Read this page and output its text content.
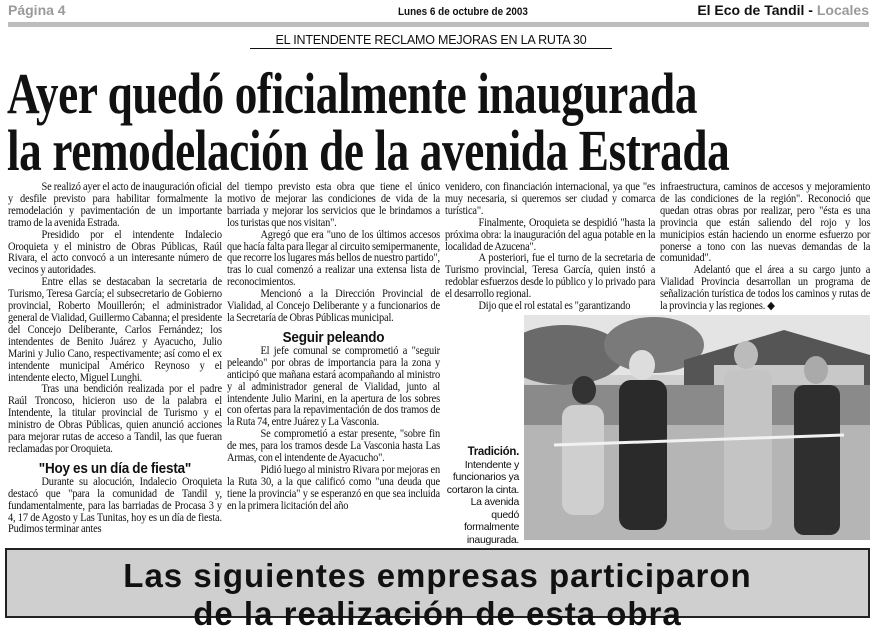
Página 4	Lunes 6 de octubre de 2003	El Eco de Tandil - Locales
EL INTENDENTE RECLAMO MEJORAS EN LA RUTA 30
Ayer quedó oficialmente inaugurada
la remodelación de la avenida Estrada

Se realizó ayer el acto de inauguración oficial y desfile previsto para habilitar formalmente la remodelación y pavimentación de un importante tramo de la avenida Estrada.

Presidido por el intendente Indalecio Oroquieta y el ministro de Obras Públicas, Raúl Rivara, el acto convocó a un interesante número de vecinos y autoridades.

Entre ellas se destacaban la secretaria de Turismo, Teresa García; el subsecretario de Gobierno provincial, Roberto Mouillerón; el administrador general de Vialidad, Guillermo Cabanna; el presidente del Concejo Deliberante, Carlos Fernández; los intendentes de Benito Juárez y Ayacucho, Julio Marini y Julio Cano, respectivamente; así como el ex intendente municipal Américo Reynoso y el intendente electo, Miguel Lunghi.

Tras una bendición realizada por el padre Raúl Troncoso, hicieron uso de la palabra el Intendente, la titular provincial de Turismo y el ministro de Obras Públicas, quien anunció acciones para mejorar rutas de acceso a Tandil, las que fueran reclamadas por Oroquieta.

"Hoy es un día de fiesta"

Durante su alocución, Indalecio Oroquieta destacó que "para la comunidad de Tandil y, fundamentalmente, para las barriadas de Procasa 3 y 4, 17 de Agosto y Las Tunitas, hoy es un día de fiesta. Pudimos terminar antes

del tiempo previsto esta obra que tiene el único motivo de mejorar las condiciones de vida de la barriada y mejorar los servicios que le brindamos a los turistas que nos visitan".

Agregó que era "uno de los últimos accesos que hacía falta para llegar al circuito semipermanente, que recorre los lugares más bellos de nuestro partido", tras lo cual comenzó a realizar una extensa lista de reconocimientos.

Mencionó a la Dirección Provincial de Vialidad, al Concejo Deliberante y a funcionarios de la Secretaría de Obras Públicas municipal.

Seguir peleando

El jefe comunal se comprometió a "seguir peleando" por obras de importancia para la zona y anticipó que mañana estará acompañando al ministro y al administrador general de Vialidad, junto al intendente Julio Marini, en la apertura de los sobres con ofertas para la repavimentación de dos tramos de la Ruta 74, entre Juárez y La Vasconia.

Se comprometió a estar presente, "sobre fin de mes, para los tramos desde La Vasconia hasta Las Armas, con el intendente de Ayacucho".

Pidió luego al ministro Rivara por mejoras en la Ruta 30, a la que calificó como "una deuda que tiene la provincia" y se esperanzó en que sea incluida en la primera licitación del año

venidero, con financiación internacional, ya que "es muy necesaria, si queremos ser ciudad y comarca turística".

Finalmente, Oroquieta se despidió "hasta la próxima obra: la inauguración del agua potable en la localidad de Azucena".

A posteriori, fue el turno de la secretaria de Turismo provincial, Teresa García, quien instó a redoblar esfuerzos desde lo público y lo privado para el desarrollo regional.

Dijo que el rol estatal es "garantizando

infraestructura, caminos de accesos y mejoramiento de las condiciones de la región". Reconoció que quedan otras obras por realizar, pero "ésta es una provincia que están saliendo del rojo y los municipios están haciendo un enorme esfuerzo por ponerse a tono con las nuevas demandas de la comunidad".

Adelantó que el área a su cargo junto a Vialidad Provincia desarrollan un programa de señalización turística de todos los caminos y rutas de la provincia y las regiones. ◆

Tradición.
Intendente y funcionarios ya cortaron la cinta. La avenida quedó formalmente inaugurada.
Las siguientes empresas participaron
de la realización de esta obra
